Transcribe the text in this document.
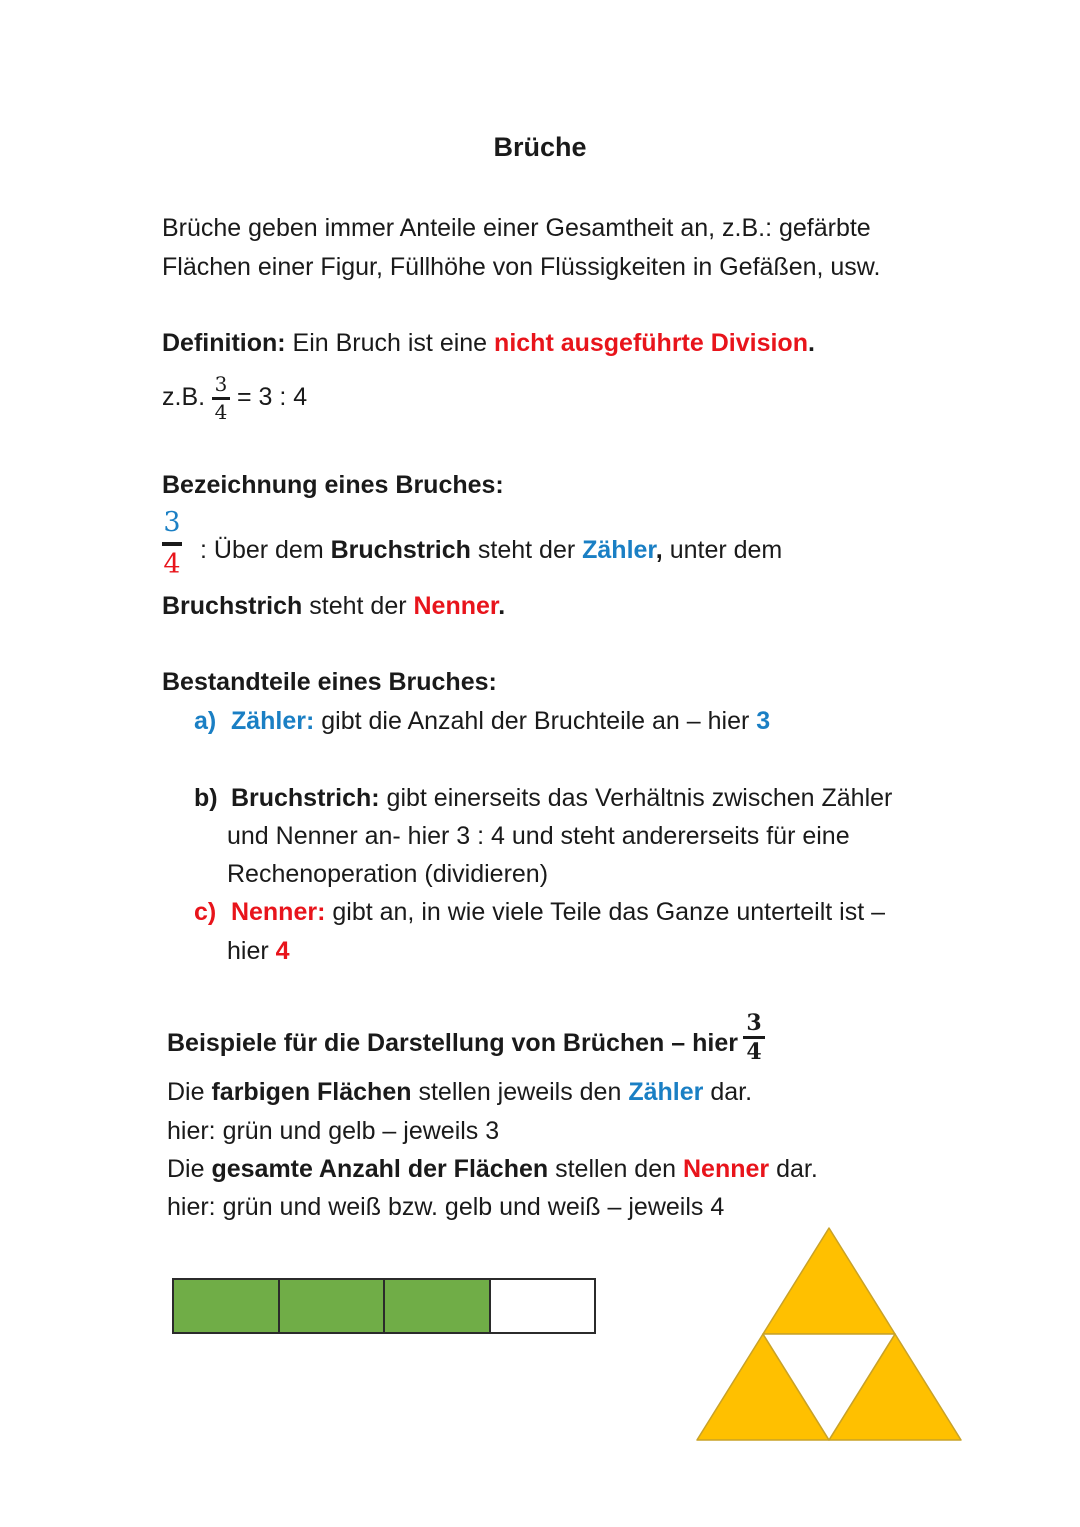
Brüche
Brüche geben immer Anteile einer Gesamtheit an, z.B.: gefärbte
Flächen einer Figur, Füllhöhe von Flüssigkeiten in Gefäßen, usw.
Definition: Ein Bruch ist eine nicht ausgeführte Division.
z.B. $\frac{3}{4} = 3$ : 4
Bezeichnung eines Bruches:
3
4 : Über dem Bruchstrich steht der Zähler, unter dem
Bruchstrich steht der Nenner.
Bestandteile eines Bruches:
a) Zähler: gibt die Anzahl der Bruchteile an – hier 3
b) Bruchstrich: gibt einerseits das Verhältnis zwischen Zähler
und Nenner an- hier 3 : 4 und steht andererseits für eine
Rechenoperation (dividieren)
c) Nenner: gibt an, in wie viele Teile das Ganze unterteilt ist –
hier 4
Beispiele für die Darstellung von Brüchen – hier
3
4
Die farbigen Flächen stellen jeweils den Zähler dar.
hier: grün und gelb – jeweils 3
Die gesamte Anzahl der Flächen stellen den Nenner dar.
hier: grün und weiß bzw. gelb und weiß – jeweils 4
